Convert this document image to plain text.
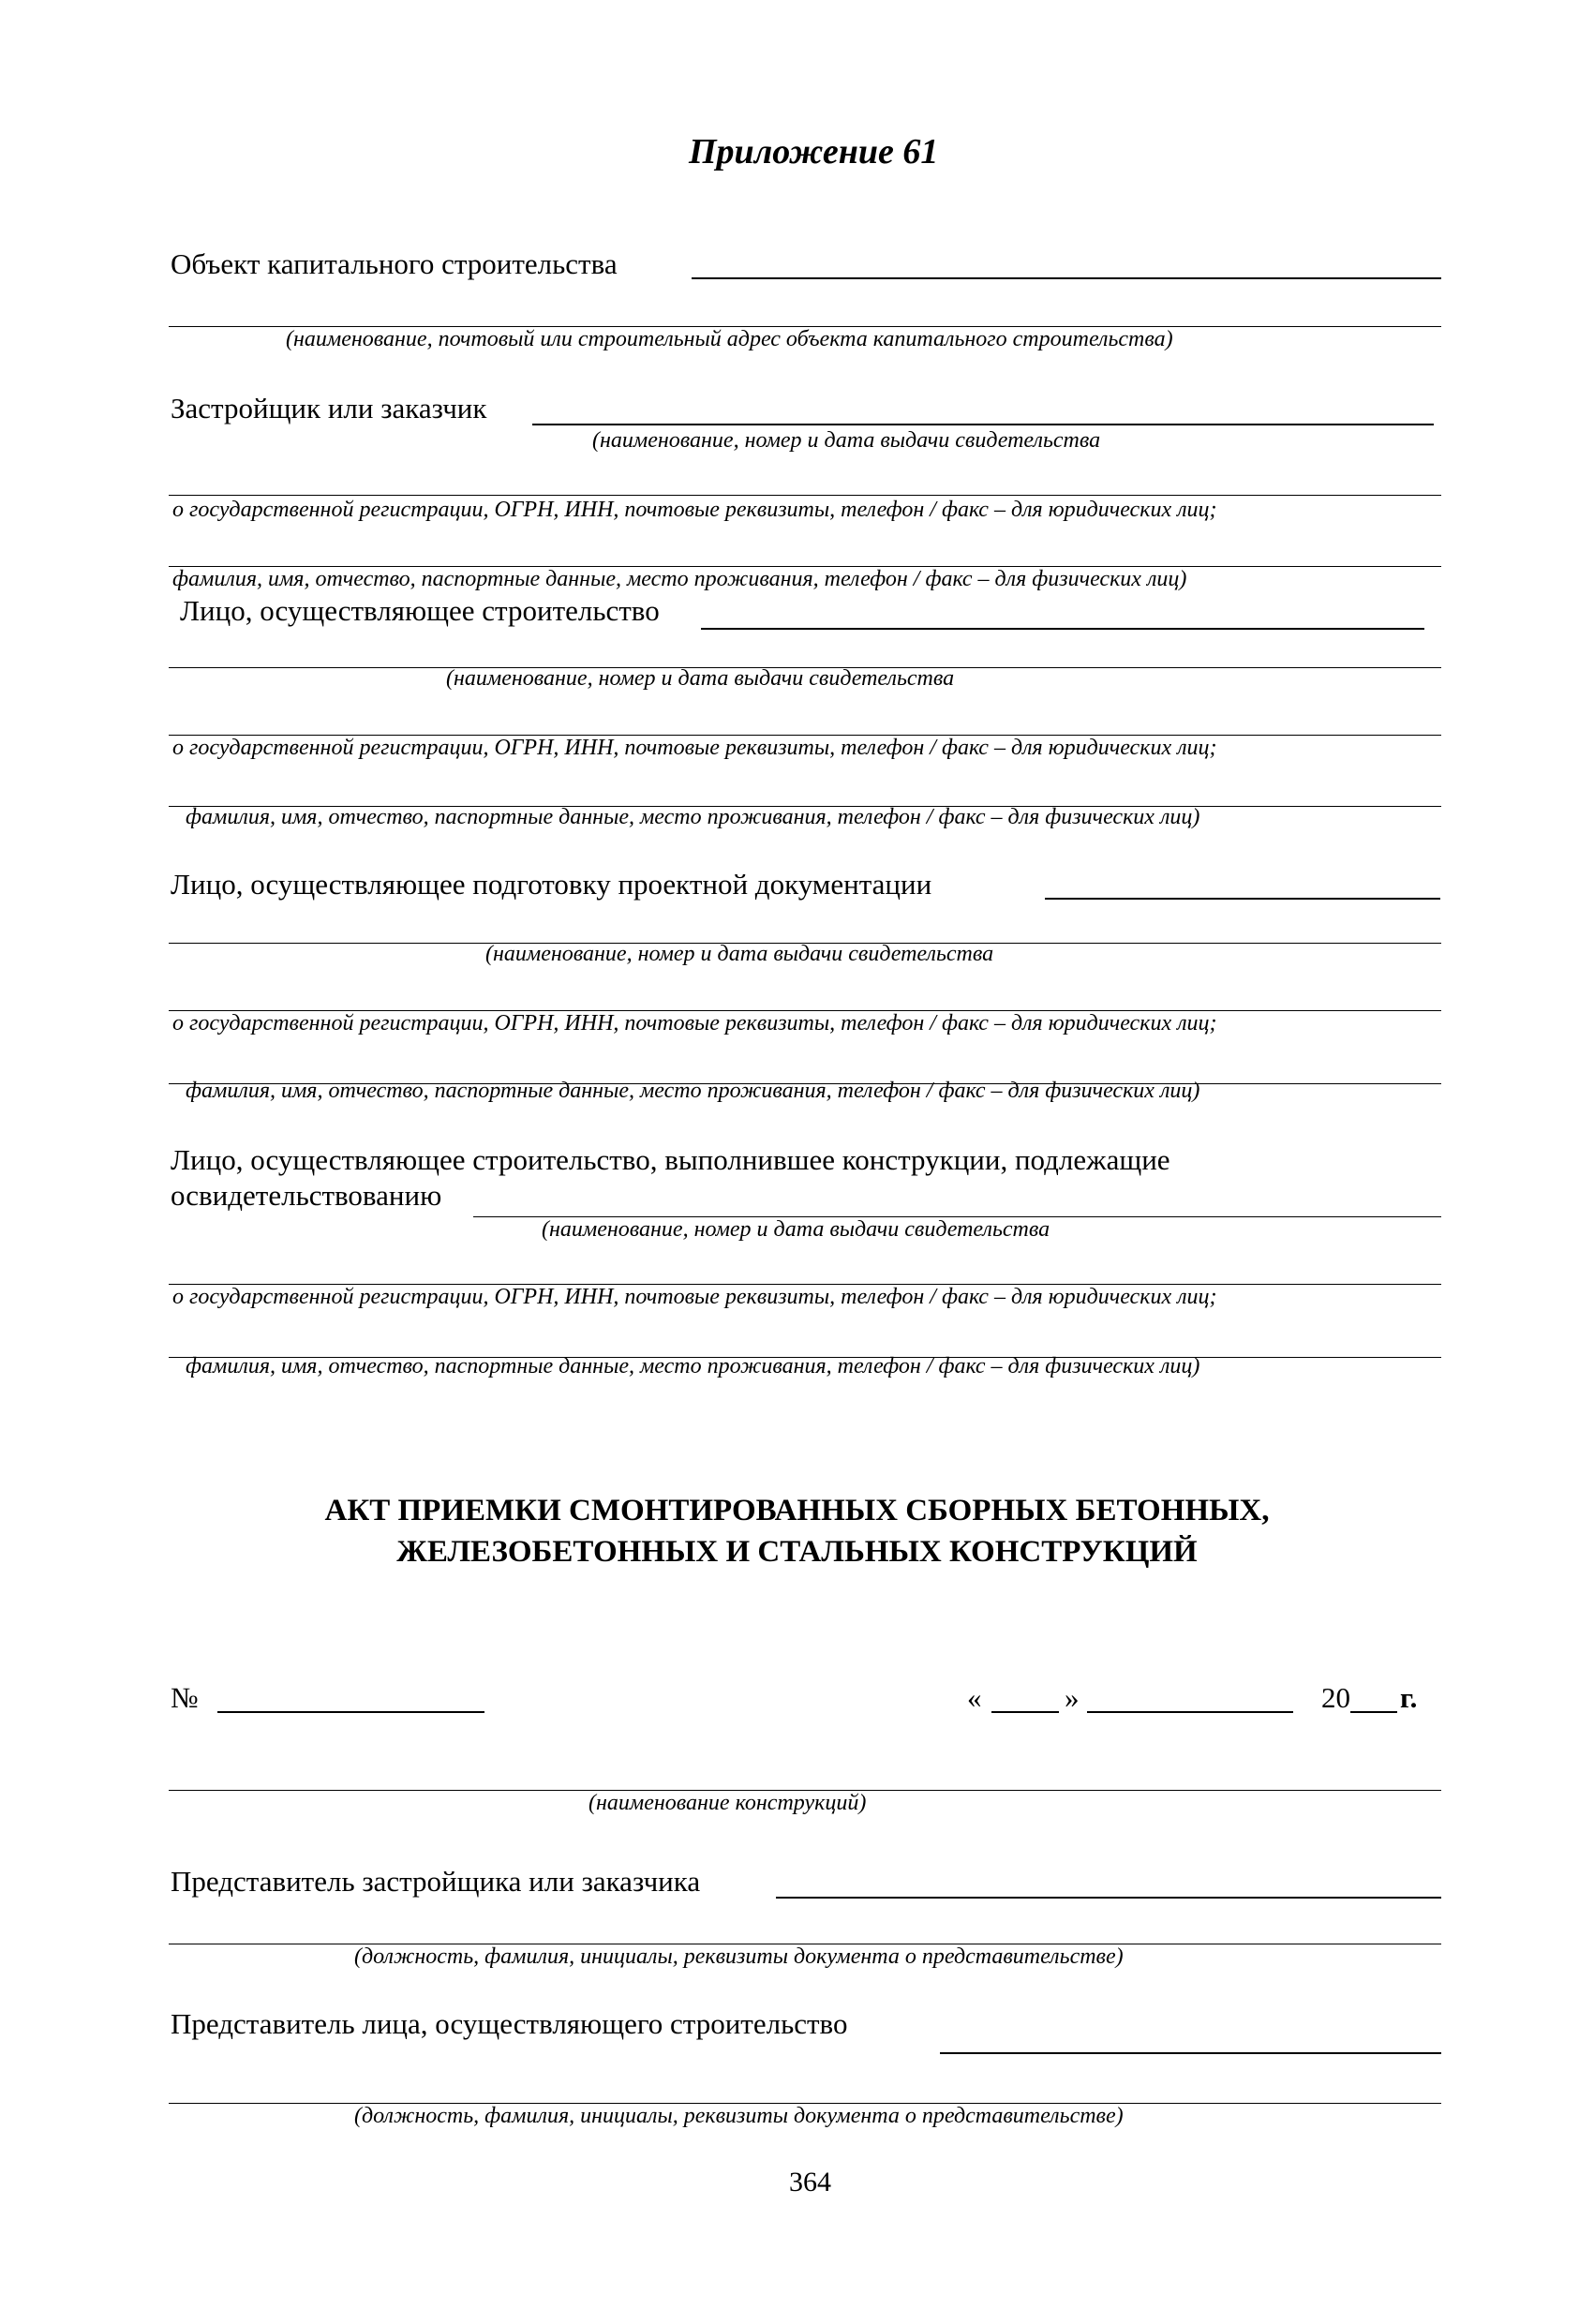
Приложение 61
Объект капитального строительства
(наименование, почтовый или строительный адрес объекта капитального строительства)
Застройщик или заказчик
(наименование, номер и дата выдачи свидетельства
о государственной регистрации, ОГРН, ИНН, почтовые реквизиты, телефон / факс – для юридических лиц;
фамилия, имя, отчество, паспортные данные, место проживания, телефон / факс – для физических лиц)
Лицо, осуществляющее строительство
(наименование, номер и дата выдачи свидетельства
о государственной регистрации, ОГРН, ИНН, почтовые реквизиты, телефон / факс – для юридических лиц;
фамилия, имя, отчество, паспортные данные, место проживания, телефон / факс – для физических лиц)
Лицо, осуществляющее подготовку проектной документации
(наименование, номер и дата выдачи свидетельства
о государственной регистрации, ОГРН, ИНН, почтовые реквизиты, телефон / факс – для юридических лиц;
фамилия, имя, отчество, паспортные данные, место проживания, телефон / факс – для физических лиц)
Лицо, осуществляющее строительство, выполнившее конструкции, подлежащие
освидетельствованию
(наименование, номер и дата выдачи свидетельства
о государственной регистрации, ОГРН, ИНН, почтовые реквизиты, телефон / факс – для юридических лиц;
фамилия, имя, отчество, паспортные данные, место проживания, телефон / факс – для физических лиц)
АКТ ПРИЕМКИ СМОНТИРОВАННЫХ СБОРНЫХ БЕТОННЫХ,
ЖЕЛЕЗОБЕТОННЫХ И СТАЛЬНЫХ КОНСТРУКЦИЙ
№	«	»	20 г.
(наименование конструкций)
Представитель застройщика или заказчика
(должность, фамилия, инициалы, реквизиты документа о представительстве)
Представитель лица, осуществляющего строительство
(должность, фамилия, инициалы, реквизиты документа о представительстве)
364
